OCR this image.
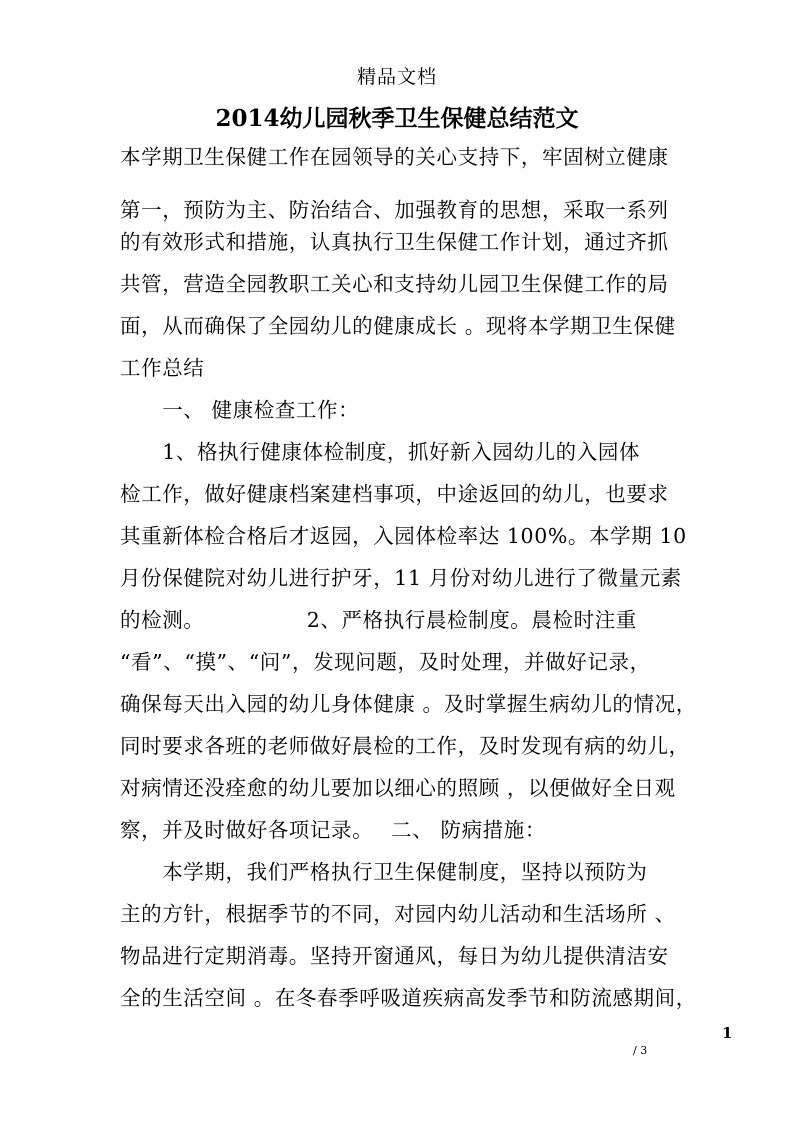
精品文档
2014幼儿园秋季卫生保健总结范文
本学期卫生保健工作在园领导的关心支持下，牢固树立健康
第一，预防为主、防治结合、加强教育的思想，采取一系列
的有效形式和措施，认真执行卫生保健工作计划，通过齐抓
共管，营造全园教职工关心和支持幼儿园卫生保健工作的局
面，从而确保了全园幼儿的健康成长 。现将本学期卫生保健
工作总结
　　一、 健康检查工作：
　　1、格执行健康体检制度，抓好新入园幼儿的入园体
检工作，做好健康档案建档事项，中途返回的幼儿，也要求
其重新体检合格后才返园，入园体检率达 100%。本学期 10
月份保健院对幼儿进行护牙，11 月份对幼儿进行了微量元素
的检测。　　　　　 2、严格执行晨检制度。晨检时注重
“看”、“摸”、“问”，发现问题，及时处理，并做好记录，
确保每天出入园的幼儿身体健康 。及时掌握生病幼儿的情况，
同时要求各班的老师做好晨检的工作，及时发现有病的幼儿，
对病情还没痊愈的幼儿要加以细心的照顾 ，以便做好全日观
察，并及时做好各项记录。　 二、 防病措施：
　　本学期，我们严格执行卫生保健制度，坚持以预防为
主的方针，根据季节的不同，对园内幼儿活动和生活场所 、
物品进行定期消毒。坚持开窗通风，每日为幼儿提供清洁安
全的生活空间 。在冬春季呼吸道疾病高发季节和防流感期间，
1
/ 3
